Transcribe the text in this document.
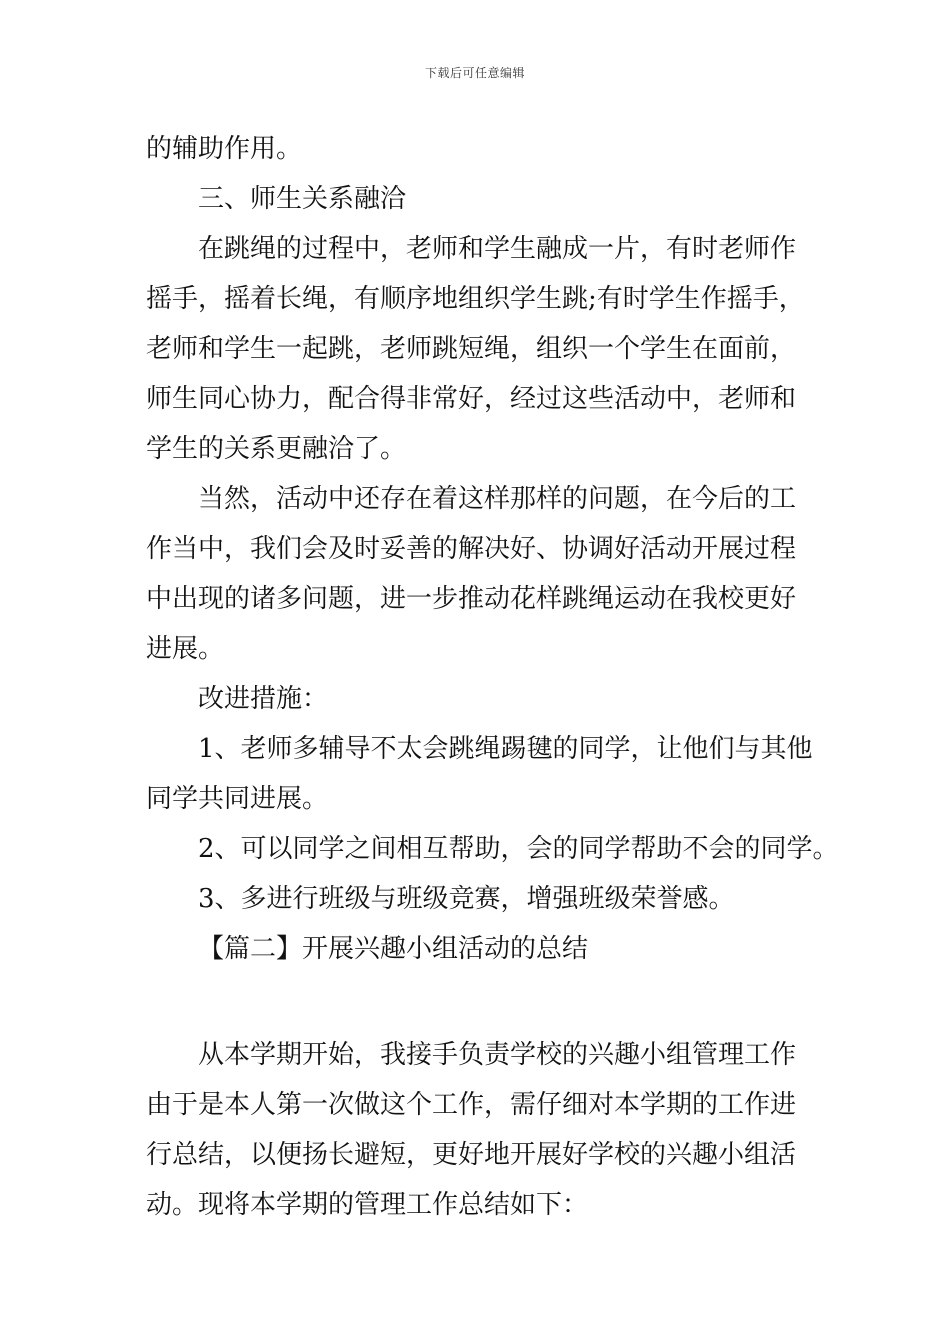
下载后可任意编辑
的辅助作用。
三、师生关系融洽
在跳绳的过程中，老师和学生融成一片，有时老师作
摇手，摇着长绳，有顺序地组织学生跳;有时学生作摇手，
老师和学生一起跳，老师跳短绳，组织一个学生在面前，
师生同心协力，配合得非常好，经过这些活动中，老师和
学生的关系更融洽了。
当然，活动中还存在着这样那样的问题，在今后的工
作当中，我们会及时妥善的解决好、协调好活动开展过程
中出现的诸多问题，进一步推动花样跳绳运动在我校更好
进展。
改进措施：
1、老师多辅导不太会跳绳踢毽的同学，让他们与其他
同学共同进展。
2、可以同学之间相互帮助，会的同学帮助不会的同学。
3、多进行班级与班级竞赛，增强班级荣誉感。
【篇二】开展兴趣小组活动的总结
从本学期开始，我接手负责学校的兴趣小组管理工作
由于是本人第一次做这个工作，需仔细对本学期的工作进
行总结，以便扬长避短，更好地开展好学校的兴趣小组活
动。现将本学期的管理工作总结如下：
